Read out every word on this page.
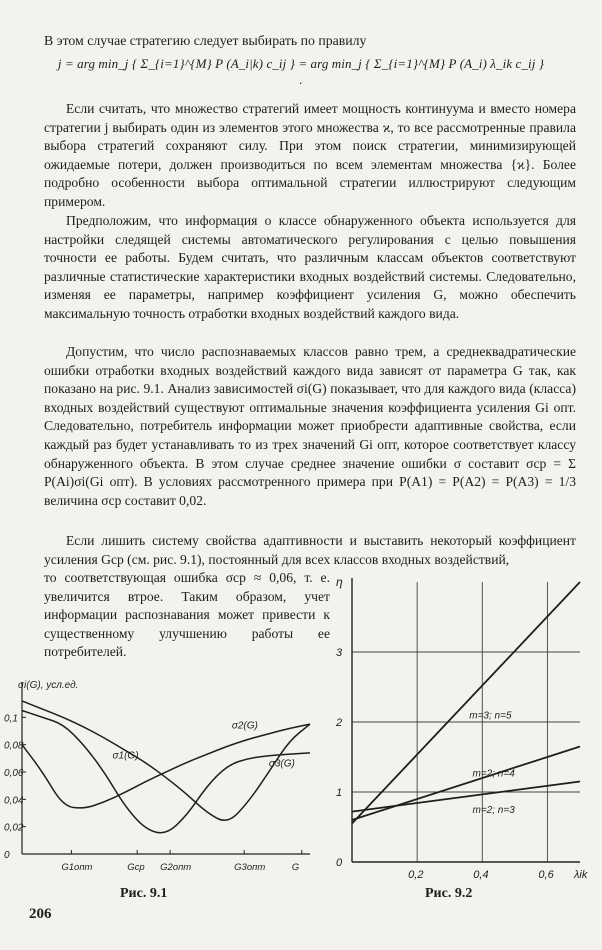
В этом случае стратегию следует выбирать по правилу

j = arg min_j { Σ_{i=1}^{M} P (A_i|k) c_ij } = arg min_j { Σ_{i=1}^{M} P (A_i) λ_ik c_ij } .

Если считать, что множество стратегий имеет мощность континуума и вместо номера стратегии j выбирать один из элементов этого множества ϰ, то все рассмотренные правила выбора стратегий сохраняют силу. При этом поиск стратегии, минимизирующей ожидаемые потери, должен производиться по всем элементам множества {ϰ}. Более подробно особенности выбора оптимальной стратегии иллюстрируют следующим примером.

Предположим, что информация о классе обнаруженного объекта используется для настройки следящей системы автоматического регулирования с целью повышения точности ее работы. Будем считать, что различным классам объектов соответствуют различные статистические характеристики входных воздействий системы. Следовательно, изменяя ее параметры, например коэффициент усиления G, можно обеспечить максимальную точность отработки входных воздействий каждого вида.

Допустим, что число распознаваемых классов равно трем, а среднеквадратические ошибки отработки входных воздействий каждого вида зависят от параметра G так, как показано на рис. 9.1. Анализ зависимостей σi(G) показывает, что для каждого вида (класса) входных воздействий существуют оптимальные значения коэффициента усиления Gi опт. Следовательно, потребитель информации может приобрести адаптивные свойства, если каждый раз будет устанавливать то из трех значений Gi опт, которое соответствует классу обнаруженного объекта. В этом случае среднее значение ошибки σ составит σср = Σ P(Ai)σi(Gi опт). В условиях рассмотренного примера при P(A1) = P(A2) = P(A3) = 1/3 величина σср составит 0,02.

Если лишить систему свойства адаптивности и выставить некоторый коэффициент усиления Gср (см. рис. 9.1), постоянный для всех классов входных воздействий,

то соответствующая ошибка σср ≈ 0,06, т. е. увеличится втрое. Таким образом, учет информации распознавания может привести к существенному улучшению работы ее потребителей.

σi(G), усл.ед.
0,1
0,08
0,06
0,04
0,02
0
G1опт	Gср G2опт	G3опт	G
σ1(G)
σ2(G)
σ3(G)
Рис. 9.1
η
0
1
2
3
0,2	0,4	0,6 λik
m=3; n=5
m=2; n=4
m=2; n=3
Рис. 9.2
206
